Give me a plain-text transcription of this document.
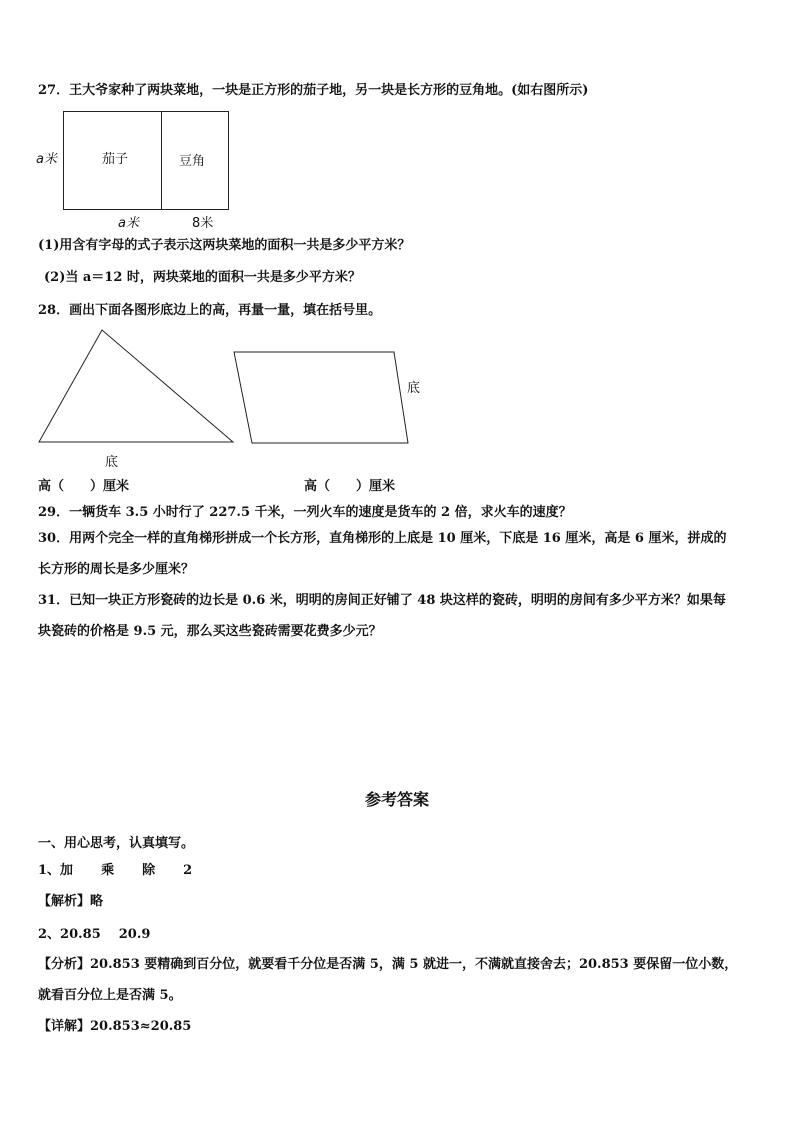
27．王大爷家种了两块菜地，一块是正方形的茄子地，另一块是长方形的豆角地。(如右图所示)
a米	茄子	豆角
a米	8米
(1)用含有字母的式子表示这两块菜地的面积一共是多少平方米？
(2)当 a＝12 时，两块菜地的面积一共是多少平方米？
28．画出下面各图形底边上的高，再量一量，填在括号里。
底
底
高（　　）厘米	高（　　）厘米
29．一辆货车 3.5 小时行了 227.5 千米，一列火车的速度是货车的 2 倍，求火车的速度？
30．用两个完全一样的直角梯形拼成一个长方形，直角梯形的上底是 10 厘米，下底是 16 厘米，高是 6 厘米，拼成的
长方形的周长是多少厘米？
31．已知一块正方形瓷砖的边长是 0.6 米，明明的房间正好铺了 48 块这样的瓷砖，明明的房间有多少平方米？如果每
块瓷砖的价格是 9.5 元，那么买这些瓷砖需要花费多少元？
参考答案
一、用心思考，认真填写。
1、加 乘 除 2
【解析】略
2、20.85 20.9
【分析】20.853 要精确到百分位，就要看千分位是否满 5，满 5 就进一，不满就直接舍去；20.853 要保留一位小数，
就看百分位上是否满 5。
【详解】20.853≈20.85
